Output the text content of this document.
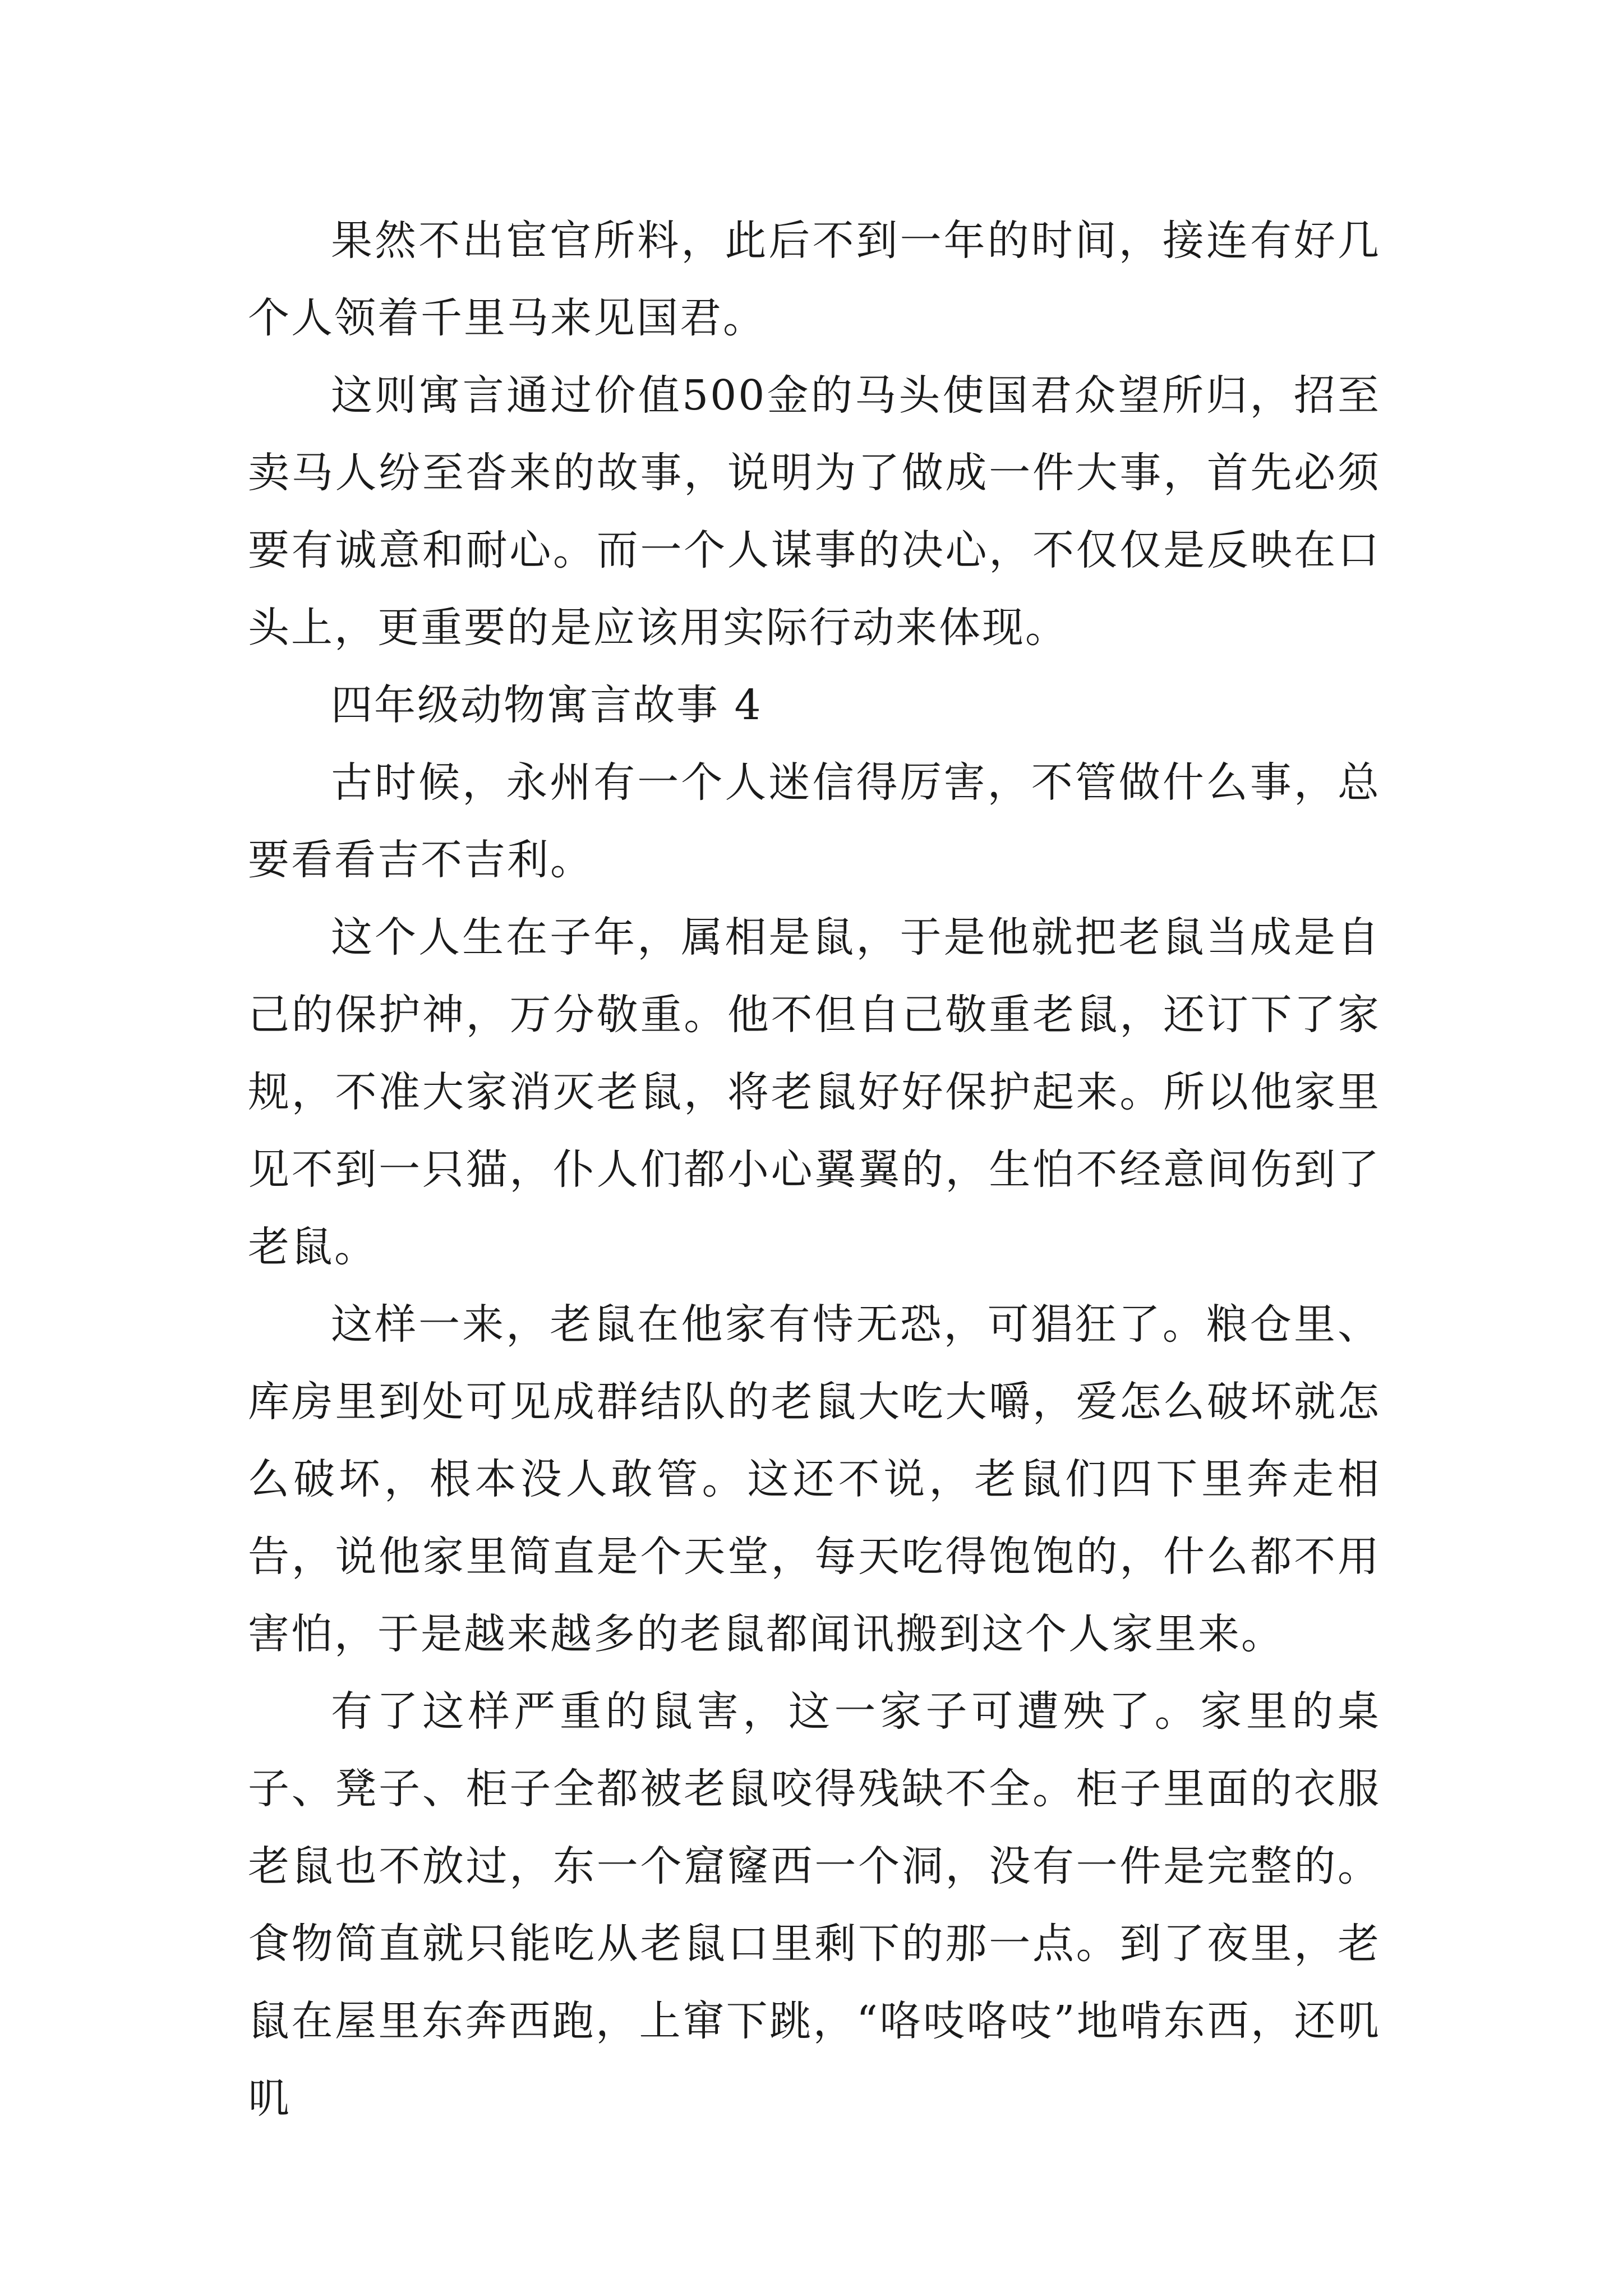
果然不出宦官所料，此后不到一年的时间，接连有好几个人领着千里马来见国君。

这则寓言通过价值500金的马头使国君众望所归，招至卖马人纷至沓来的故事，说明为了做成一件大事，首先必须要有诚意和耐心。而一个人谋事的决心，不仅仅是反映在口头上，更重要的是应该用实际行动来体现。

四年级动物寓言故事 4

古时候，永州有一个人迷信得厉害，不管做什么事，总要看看吉不吉利。

这个人生在子年，属相是鼠，于是他就把老鼠当成是自己的保护神，万分敬重。他不但自己敬重老鼠，还订下了家规，不准大家消灭老鼠，将老鼠好好保护起来。所以他家里见不到一只猫，仆人们都小心翼翼的，生怕不经意间伤到了老鼠。

这样一来，老鼠在他家有恃无恐，可猖狂了。粮仓里、库房里到处可见成群结队的老鼠大吃大嚼，爱怎么破坏就怎么破坏，根本没人敢管。这还不说，老鼠们四下里奔走相告，说他家里简直是个天堂，每天吃得饱饱的，什么都不用害怕，于是越来越多的老鼠都闻讯搬到这个人家里来。

有了这样严重的鼠害，这一家子可遭殃了。家里的桌子、凳子、柜子全都被老鼠咬得残缺不全。柜子里面的衣服老鼠也不放过，东一个窟窿西一个洞，没有一件是完整的。食物简直就只能吃从老鼠口里剩下的那一点。到了夜里，老鼠在屋里东奔西跑，上窜下跳，“咯吱咯吱”地啃东西，还叽叽
